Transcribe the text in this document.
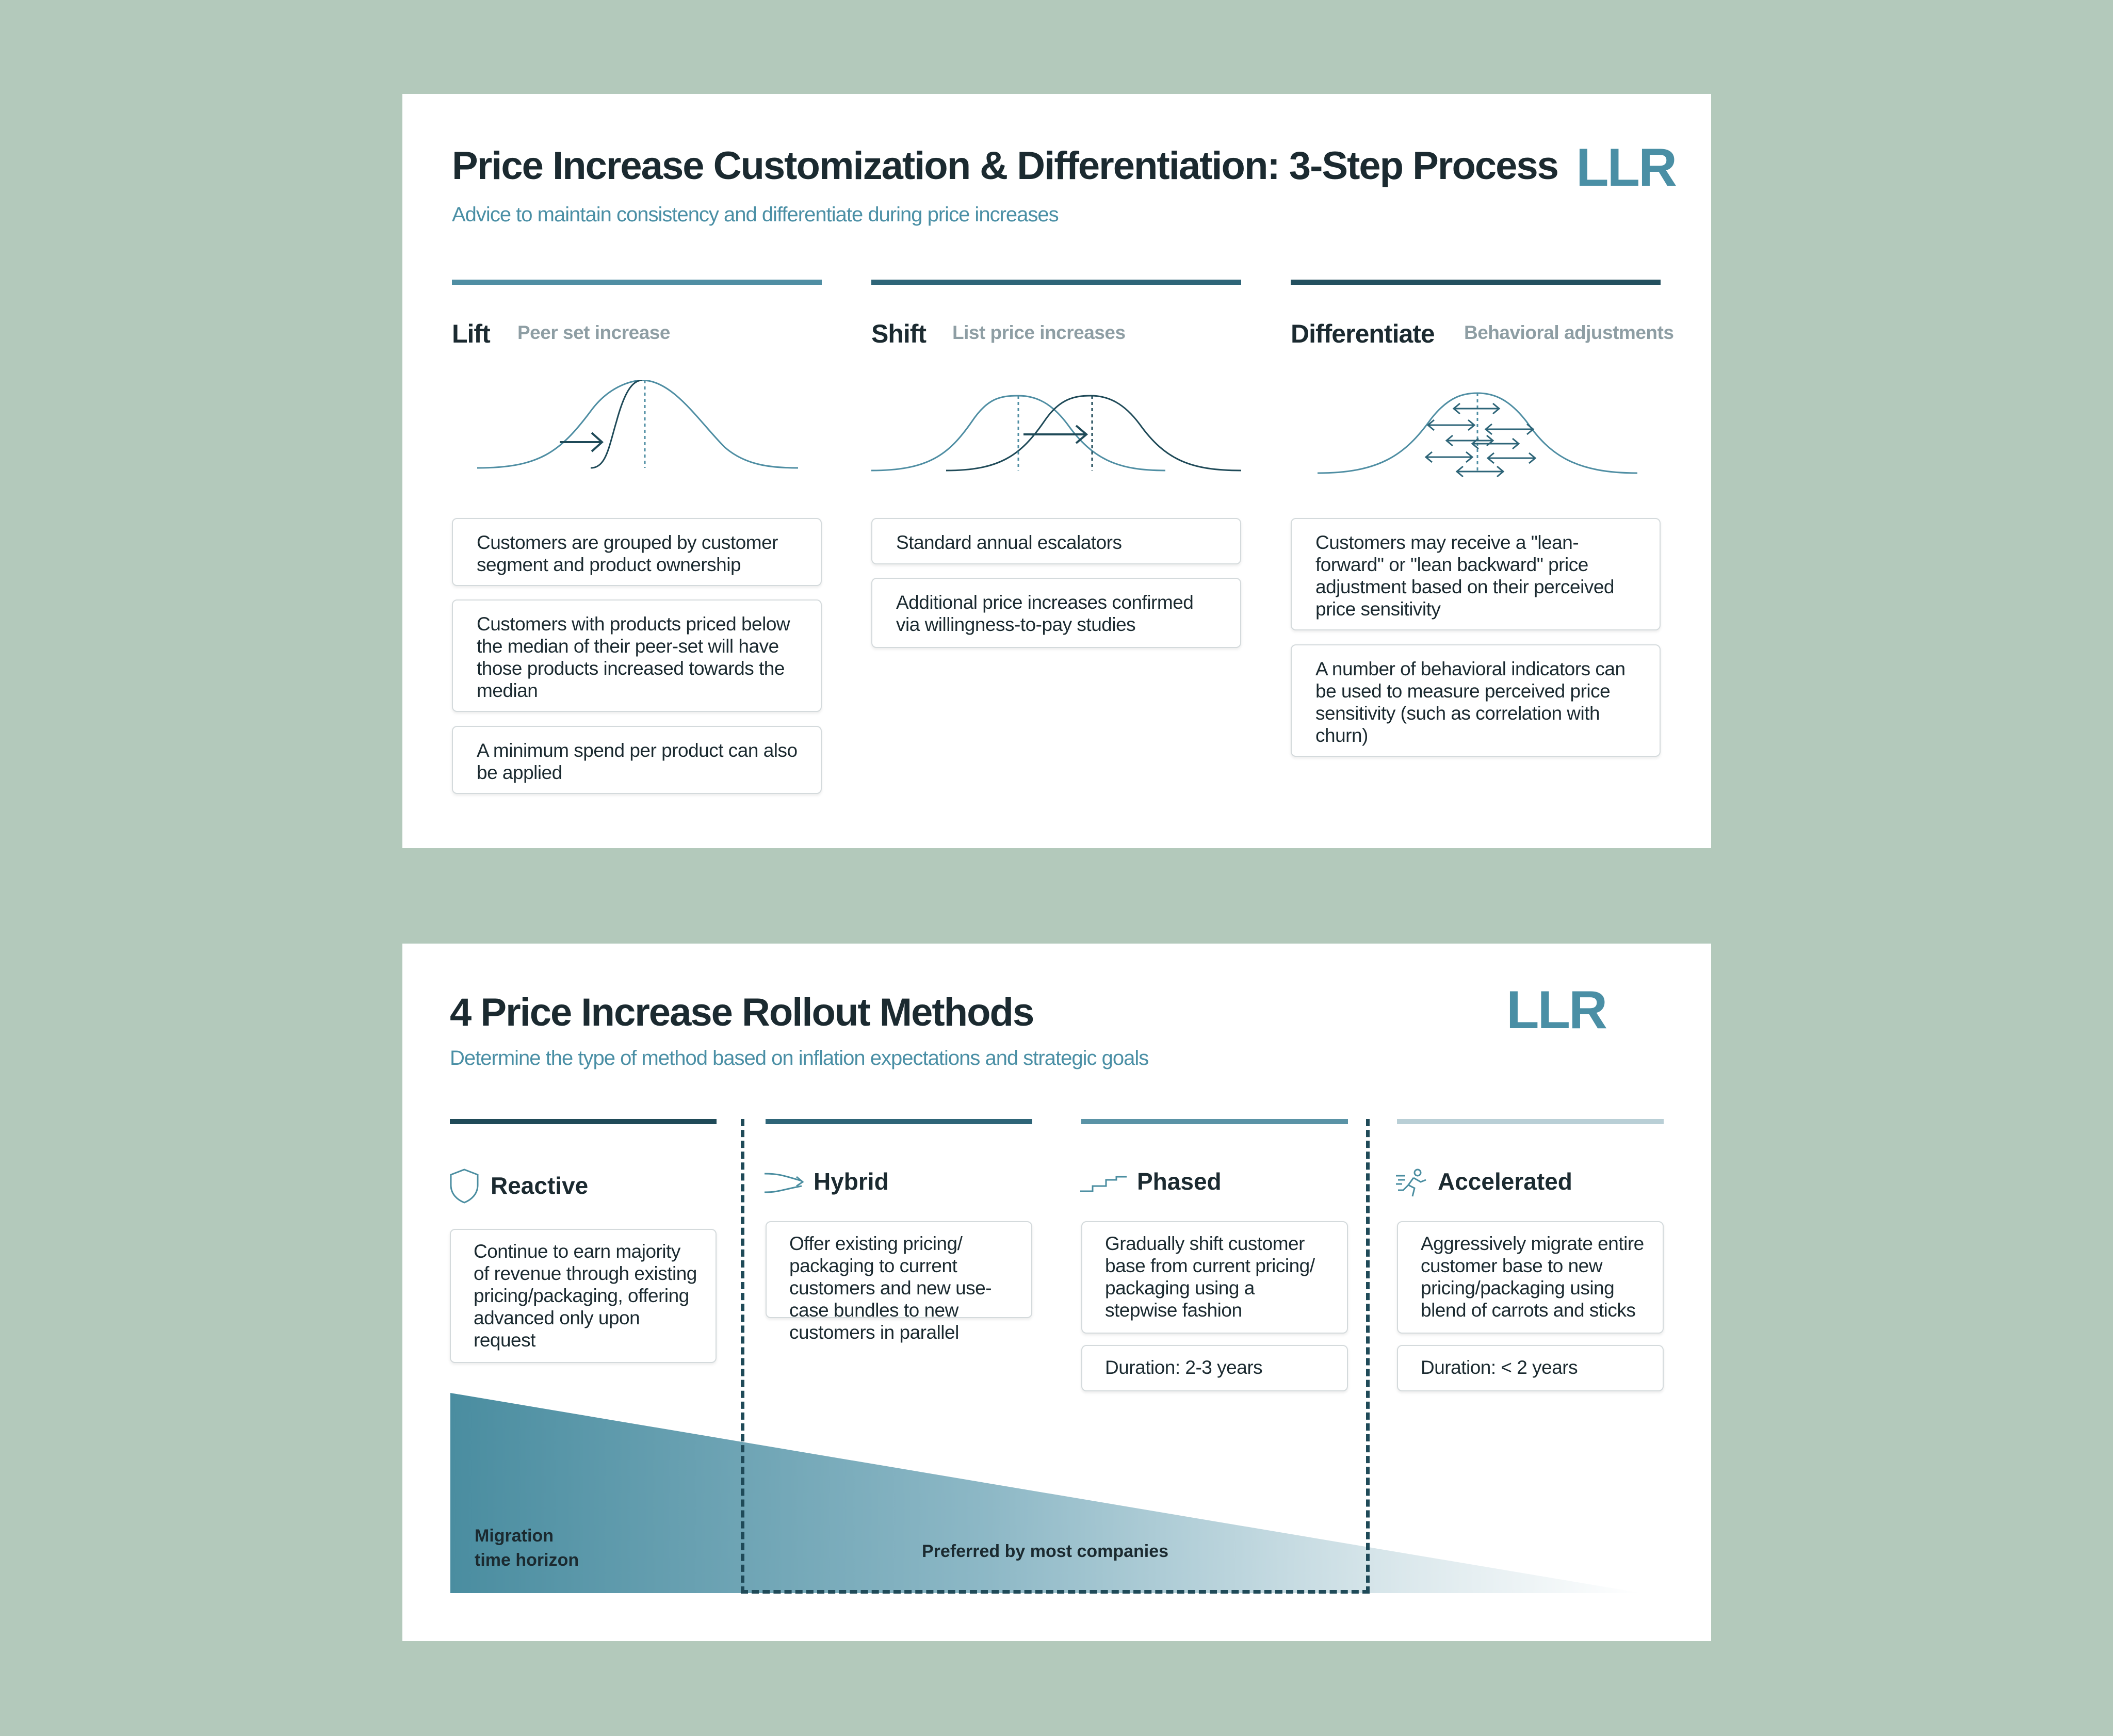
Price Increase Customization & Differentiation: 3-Step Process
Advice to maintain consistency and differentiate during price increases
LLR
Lift Peer set increase
Customers are grouped by customer segment and product ownership
Customers with products priced below the median of their peer-set will have those products increased towards the median
A minimum spend per product can also be applied
Shift List price increases
Standard annual escalators
Additional price increases confirmed via willingness-to-pay studies
Differentiate Behavioral adjustments
Customers may receive a "lean-forward" or "lean backward" price adjustment based on their perceived price sensitivity
A number of behavioral indicators can be used to measure perceived price sensitivity (such as correlation with churn)
4 Price Increase Rollout Methods
Determine the type of method based on inflation expectations and strategic goals
LLR
Reactive
Continue to earn majority of revenue through existing pricing/packaging, offering advanced only upon request
Hybrid
Offer existing pricing/ packaging to current customers and new use-case bundles to new customers in parallel
Phased
Gradually shift customer base from current pricing/ packaging using a stepwise fashion
Duration: 2-3 years
Accelerated
Aggressively migrate entire customer base to new pricing/packaging using blend of carrots and sticks
Duration: < 2 years
Migration
time horizon	Preferred by most companies
